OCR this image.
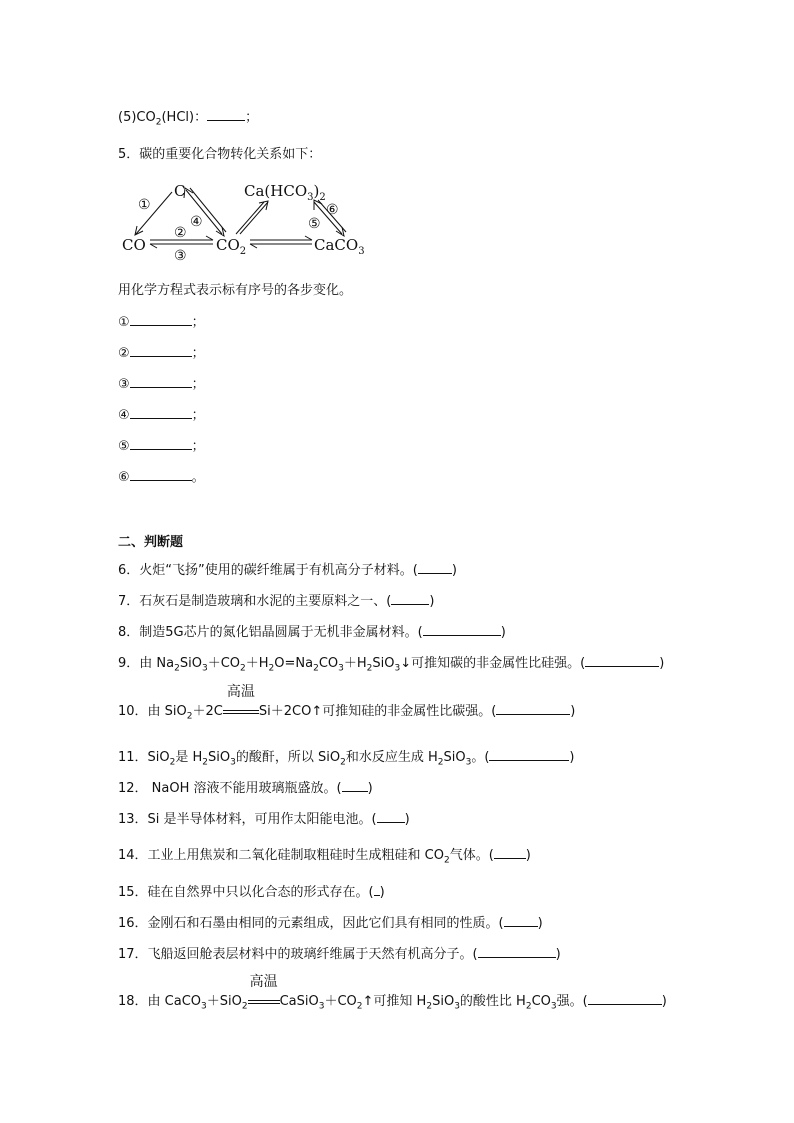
$(5)CO_2(HCl)$：	；
5．碳的重要化合物转化关系如下：
C	$Ca(HCO_3)_2$
CO	$CO_2$	CaCO$_3$
①
④
②
③
⑤
⑥
用化学方程式表示标有序号的各步变化。
①	；
②	；
③	；
④	；
⑤	；
⑥	。
二、判断题
6．火炬“飞扬”使用的碳纤维属于有机高分子材料。(	)
7．石灰石是制造玻璃和水泥的主要原料之一、(	)
8．制造5G芯片的氮化铝晶圆属于无机非金属材料。(	)
9．由 $Na_2SiO_3+CO_2+H_2O=Na_2CO_3+H_2SiO_3↓$可推知碳的非金属性比硅强。(	)
10．由 SiO$_2$＋2C
高温
Si＋2CO↑可推知硅的非金属性比碳强。(	)
11．SiO$_2$是 $H_2SiO_3$的酸酐，所以 SiO$_2$和水反应生成 $H_2SiO_3$。(	)
12． NaOH 溶液不能用玻璃瓶盛放。( )
13．Si 是半导体材料，可用作太阳能电池。( )
14．工业上用焦炭和二氧化硅制取粗硅时生成粗硅和 $CO_2$气体。( )
15．硅在自然界中只以化合态的形式存在。( )
16．金刚石和石墨由相同的元素组成，因此它们具有相同的性质。(	)
17．飞船返回舱表层材料中的玻璃纤维属于天然有机高分子。(	)
18．由 CaCO$_3$＋SiO$_2$
高温
$CaSiO_3+CO_2↑$可推知 $H_2SiO_3$的酸性比 $H_2CO_3$强。(	)
